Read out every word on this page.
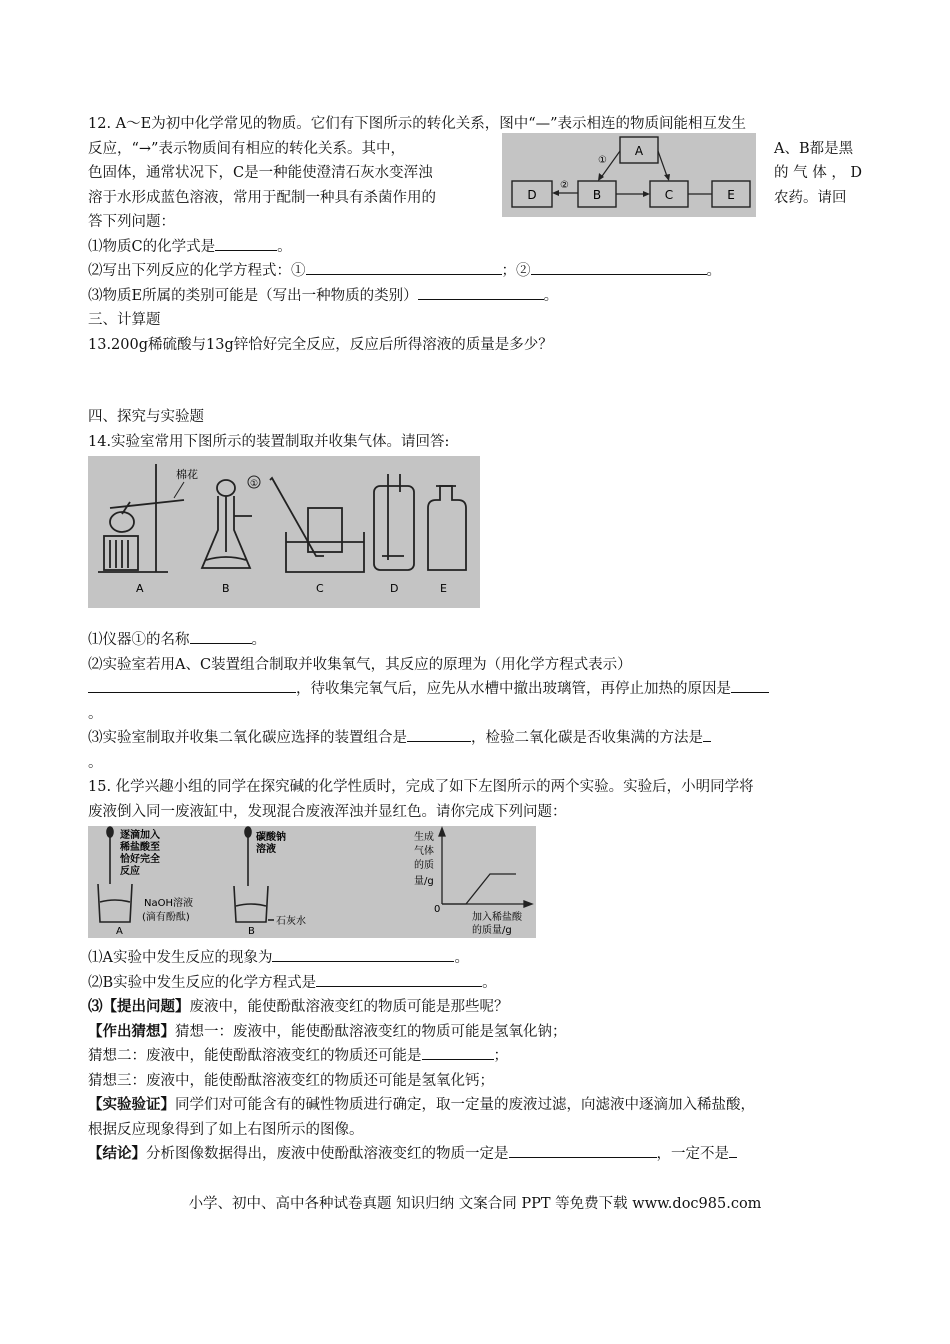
12. A～E为初中化学常见的物质。它们有下图所示的转化关系，图中“—”表示相连的物质间能相互发生
反应，“→”表示物质间有相应的转化关系。其中，
色固体，通常状况下，C是一种能使澄清石灰水变浑浊
溶于水形成蓝色溶液，常用于配制一种具有杀菌作用的
答下列问题：
A、B都是黑
的 气 体 ， D
农药。请回
A
D	B	C	E
①
②
⑴物质C的化学式是	。
⑵写出下列反应的化学方程式：①	；②	。
⑶物质E所属的类别可能是（写出一种物质的类别）	。
三、计算题
13.200g稀硫酸与13g锌恰好完全反应，反应后所得溶液的质量是多少？
四、探究与实验题
14.实验室常用下图所示的装置制取并收集气体。请回答:
棉花
①
A	B	C	D	E
⑴仪器①的名称	。
⑵实验室若用A、C装置组合制取并收集氧气，其反应的原理为（用化学方程式表示）
，待收集完氧气后，应先从水槽中撤出玻璃管，再停止加热的原因是
。
⑶实验室制取并收集二氧化碳应选择的装置组合是	，检验二氧化碳是否收集满的方法是
。
15. 化学兴趣小组的同学在探究碱的化学性质时，完成了如下左图所示的两个实验。实验后，小明同学将
废液倒入同一废液缸中，发现混合废液浑浊并显红色。请你完成下列问题：
逐滴加入
稀盐酸至
恰好完全
反应
NaOH溶液
(滴有酚酞)
A
碳酸钠
溶液
石灰水
B
生成
气体
的质
量/g
0
加入稀盐酸
的质量/g
⑴A实验中发生反应的现象为	。
⑵B实验中发生反应的化学方程式是	。
⑶【提出问题】废液中，能使酚酞溶液变红的物质可能是那些呢？
【作出猜想】猜想一：废液中，能使酚酞溶液变红的物质可能是氢氧化钠；
猜想二：废液中，能使酚酞溶液变红的物质还可能是	；
猜想三：废液中，能使酚酞溶液变红的物质还可能是氢氧化钙；
【实验验证】同学们对可能含有的碱性物质进行确定，取一定量的废液过滤，向滤液中逐滴加入稀盐酸，
根据反应现象得到了如上右图所示的图像。
【结论】分析图像数据得出，废液中使酚酞溶液变红的物质一定是	，一定不是
小学、初中、高中各种试卷真题 知识归纳 文案合同 PPT 等免费下载 www.doc985.com
